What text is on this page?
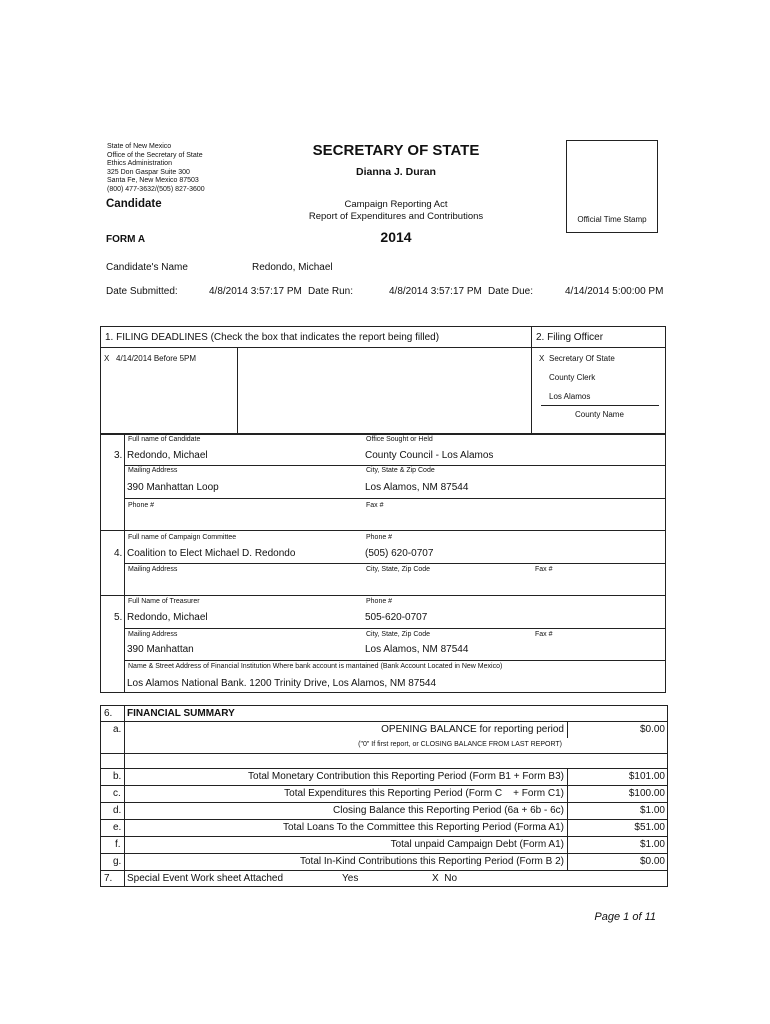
State of New Mexico
Office of the Secretary of State
Ethics Administration
325 Don Gaspar Suite 300
Santa Fe, New Mexico 87503
(800) 477-3632/(505) 827-3600
SECRETARY OF STATE
Dianna J. Duran
Candidate	Campaign Reporting Act
Report of Expenditures and Contributions	Official Time Stamp
FORM A	2014
Candidate's Name	Redondo, Michael
Date Submitted:	4/8/2014 3:57:17 PM Date Run:	4/8/2014 3:57:17 PM Date Due:	4/14/2014 5:00:00 PM
1. FILING DEADLINES (Check the box that indicates the report being filled)	2. Filing Officer
X 4/14/2014 Before 5PM	X Secretary Of State
County Clerk
Los Alamos
County Name
Full name of Candidate	Office Sought or Held
3. Redondo, Michael	County Council - Los Alamos
Mailing Address	City, State & Zip Code
390 Manhattan Loop	Los Alamos, NM 87544
Phone #	Fax #
Full name of Campaign Committee	Phone #
4. Coalition to Elect Michael D. Redondo	(505) 620-0707
Mailing Address	City, State, Zip Code	Fax #
Full Name of Treasurer	Phone #
5. Redondo, Michael	505-620-0707
Mailing Address	City, State, Zip Code	Fax #
390 Manhattan	Los Alamos, NM 87544
Name & Street Address of Financial Institution Where bank account is mantained (Bank Account Located in New Mexico)
Los Alamos National Bank. 1200 Trinity Drive, Los Alamos, NM 87544
6. FINANCIAL SUMMARY
a.	OPENING BALANCE for reporting period	$0.00
("0" If first report, or CLOSING BALANCE FROM LAST REPORT)
b.	Total Monetary Contribution this Reporting Period (Form B1 + Form B3)	$101.00
c.	Total Expenditures this Reporting Period (Form C    + Form C1)	$100.00
d.	Closing Balance this Reporting Period (6a + 6b - 6c)	$1.00
e.	Total Loans To the Committee this Reporting Period (Forma A1)	$51.00
f.	Total unpaid Campaign Debt (Form A1)	$1.00
g.	Total In-Kind Contributions this Reporting Period (Form B 2)	$0.00
7. Special Event Work sheet Attached	Yes	X  No
Page 1 of 11
